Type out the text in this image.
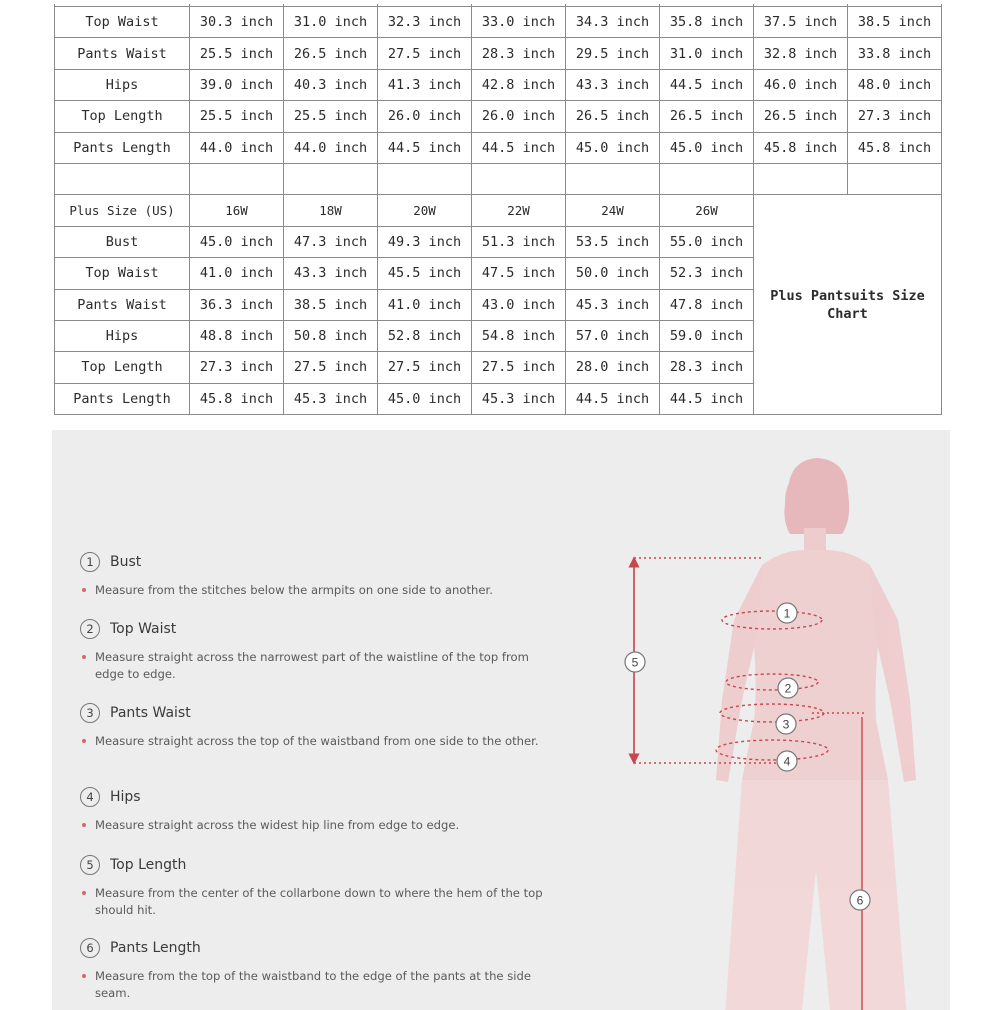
Top Waist	30.3 inch	31.0 inch	32.3 inch	33.0 inch	34.3 inch	35.8 inch	37.5 inch	38.5 inch
Pants Waist	25.5 inch	26.5 inch	27.5 inch	28.3 inch	29.5 inch	31.0 inch	32.8 inch	33.8 inch
Hips	39.0 inch	40.3 inch	41.3 inch	42.8 inch	43.3 inch	44.5 inch	46.0 inch	48.0 inch
Top Length	25.5 inch	25.5 inch	26.0 inch	26.0 inch	26.5 inch	26.5 inch	26.5 inch	27.3 inch
Pants Length	44.0 inch	44.0 inch	44.5 inch	44.5 inch	45.0 inch	45.0 inch	45.8 inch	45.8 inch

Plus Size (US)	16W	18W	20W	22W	24W	26W	Plus Pantsuits Size Chart	
Bust	45.0 inch	47.3 inch	49.3 inch	51.3 inch	53.5 inch	55.0 inch		
Top Waist	41.0 inch	43.3 inch	45.5 inch	47.5 inch	50.0 inch	52.3 inch		
Pants Waist	36.3 inch	38.5 inch	41.0 inch	43.0 inch	45.3 inch	47.8 inch		
Hips	48.8 inch	50.8 inch	52.8 inch	54.8 inch	57.0 inch	59.0 inch		
Top Length	27.3 inch	27.5 inch	27.5 inch	27.5 inch	28.0 inch	28.3 inch		
Pants Length	45.8 inch	45.3 inch	45.0 inch	45.3 inch	44.5 inch	44.5 inch		
1	Bust
Measure from the stitches below the armpits on one side to another.
2	Top Waist
Measure straight across the narrowest part of the waistline of the top from edge to edge.
3	Pants Waist
Measure straight across the top of the waistband from one side to the other.
4	Hips
Measure straight across the widest hip line from edge to edge.
5	Top Length
Measure from the center of the collarbone down to where the hem of the top should hit.
6	Pants Length
Measure from the top of the waistband to the edge of the pants at the side seam.
1
2
3
4
5
6
